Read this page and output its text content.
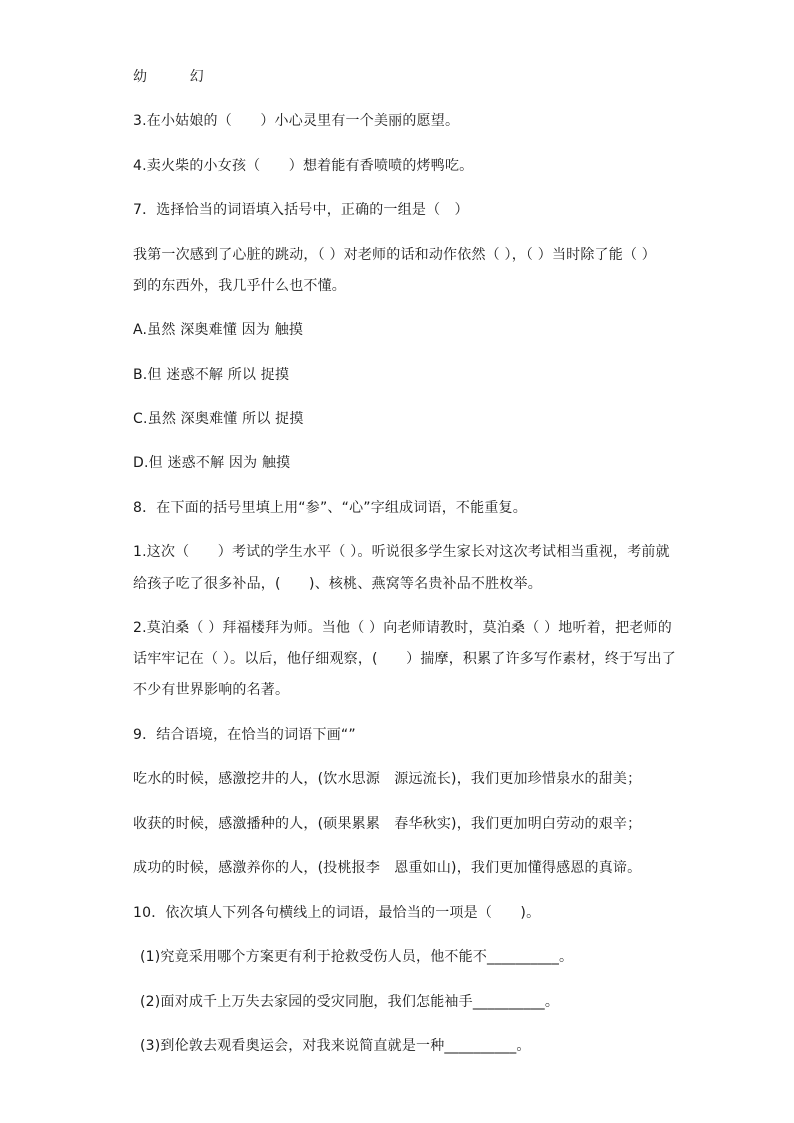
幼　　　幻
3.在小姑娘的（　　）小心灵里有一个美丽的愿望。
4.卖火柴的小女孩（　　）想着能有香喷喷的烤鸭吃。
7．选择恰当的词语填入括号中，正确的一组是（　）
我第一次感到了心脏的跳动，（ ）对老师的话和动作依然（ ），（ ）当时除了能（ ）
到的东西外，我几乎什么也不懂。
A.虽然 深奥难懂 因为 触摸
B.但 迷惑不解 所以 捉摸
C.虽然 深奥难懂 所以 捉摸
D.但 迷惑不解 因为 触摸
8．在下面的括号里填上用“参”、“心”字组成词语，不能重复。
1.这次（　　）考试的学生水平（ ）。听说很多学生家长对这次考试相当重视，考前就
给孩子吃了很多补品，(　　)、核桃、燕窝等名贵补品不胜枚举。
2.莫泊桑（ ）拜福楼拜为师。当他（ ）向老师请教时，莫泊桑（ ）地听着，把老师的
话牢牢记在（ ）。以后，他仔细观察，(　　）揣摩，积累了许多写作素材，终于写出了
不少有世界影响的名著。
9．结合语境，在恰当的词语下画“”
吃水的时候，感激挖井的人，(饮水思源　源远流长)，我们更加珍惜泉水的甜美；
收获的时候，感激播种的人，(硕果累累　春华秋实)，我们更加明白劳动的艰辛；
成功的时候，感激养你的人，(投桃报李　恩重如山)，我们更加懂得感恩的真谛。
10．依次填人下列各句横线上的词语，最恰当的一项是（　　)。
(1)究竟采用哪个方案更有利于抢救受伤人员，他不能不__________。
(2)面对成千上万失去家园的受灾同胞，我们怎能袖手__________。
(3)到伦敦去观看奥运会，对我来说简直就是一种__________。
